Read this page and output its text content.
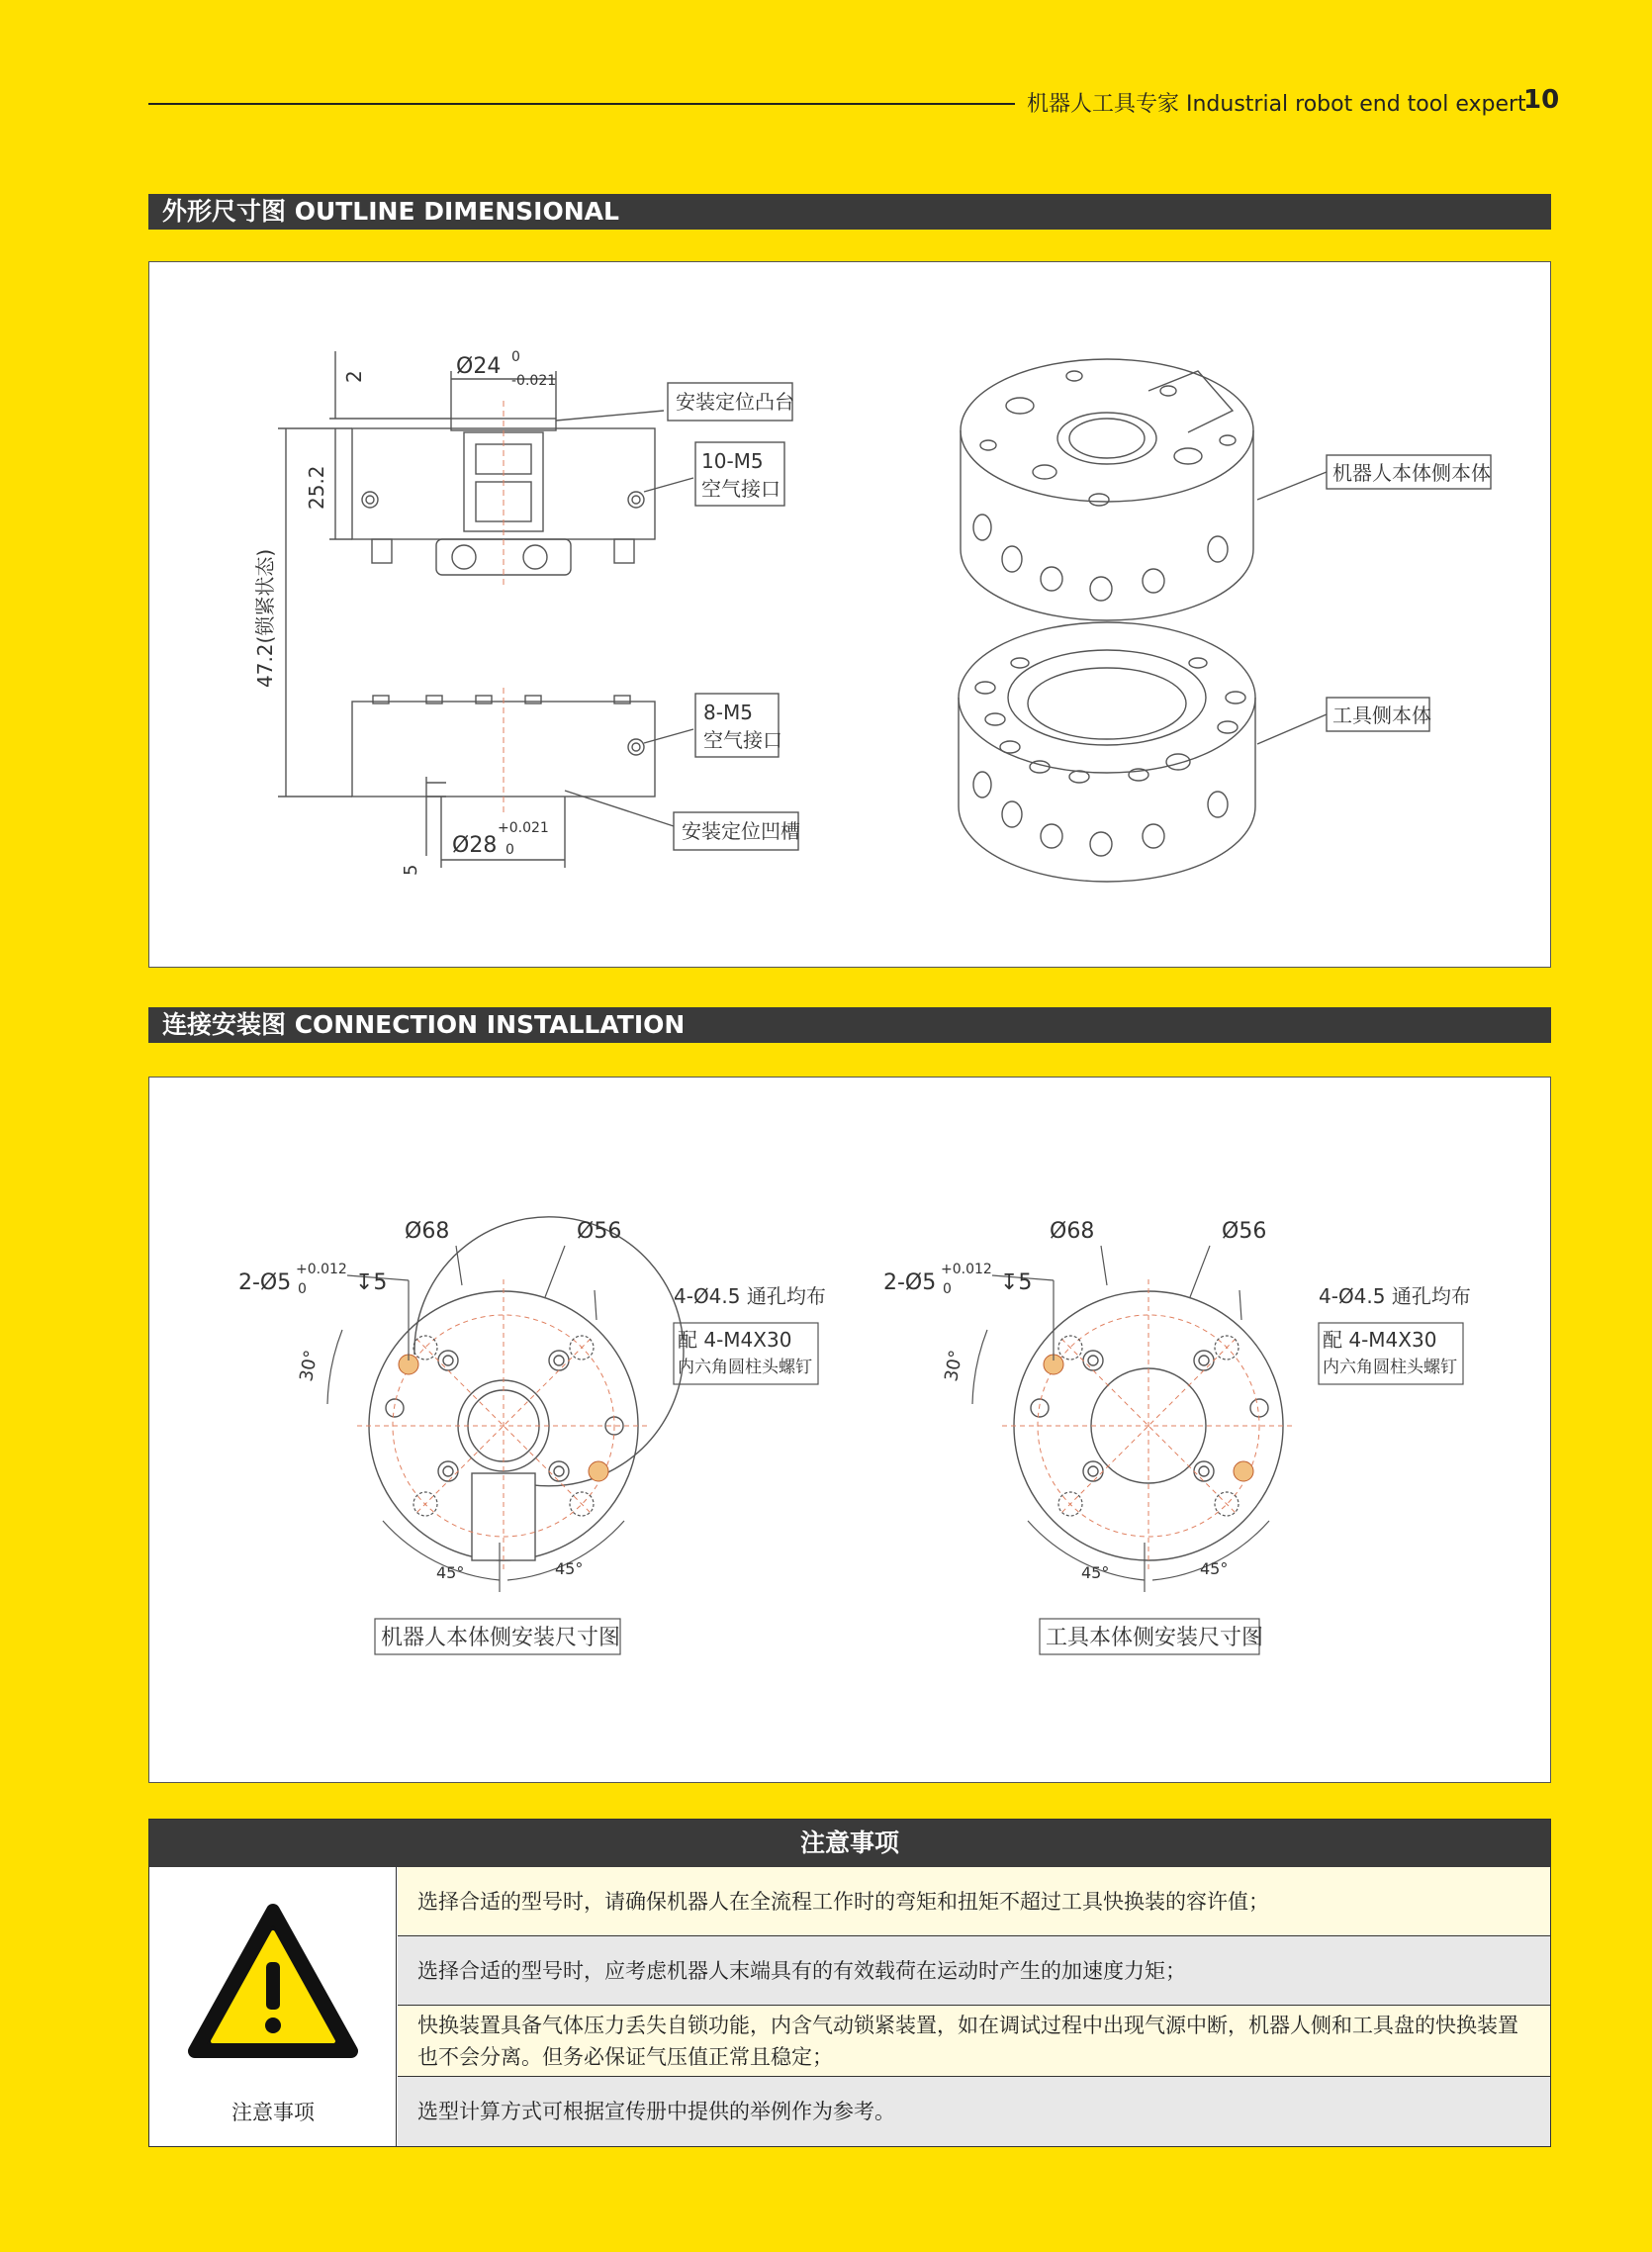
机器人工具专家 Industrial robot end tool expert
10
外形尺寸图 OUTLINE DIMENSIONAL
2	Ø24 0
-0.021
25.2
47.2(锁紧状态)
5
Ø28
+0.021
0
安装定位凸台
10-M5
空气接口
8-M5
空气接口
安装定位凹槽
机器人本体侧本体
工具侧本体
连接安装图 CONNECTION INSTALLATION
Ø68	Ø56
2-Ø5
+0.012
0 ↧5
30°
4-Ø4.5 通孔均布
配 4-M4X30
内六角圆柱头螺钉
45°	45°
机器人本体侧安装尺寸图
Ø68	Ø56
2-Ø5
+0.012
0 ↧5
30°
4-Ø4.5 通孔均布
配 4-M4X30
内六角圆柱头螺钉
45°	45°
工具本体侧安装尺寸图
注意事项
注意事项
选择合适的型号时，请确保机器人在全流程工作时的弯矩和扭矩不超过工具快换装的容许值；
选择合适的型号时，应考虑机器人末端具有的有效载荷在运动时产生的加速度力矩；
快换装置具备气体压力丢失自锁功能，内含气动锁紧装置，如在调试过程中出现气源中断，机器人侧和工具盘的快换装置也不会分离。但务必保证气压值正常且稳定；
选型计算方式可根据宣传册中提供的举例作为参考。
